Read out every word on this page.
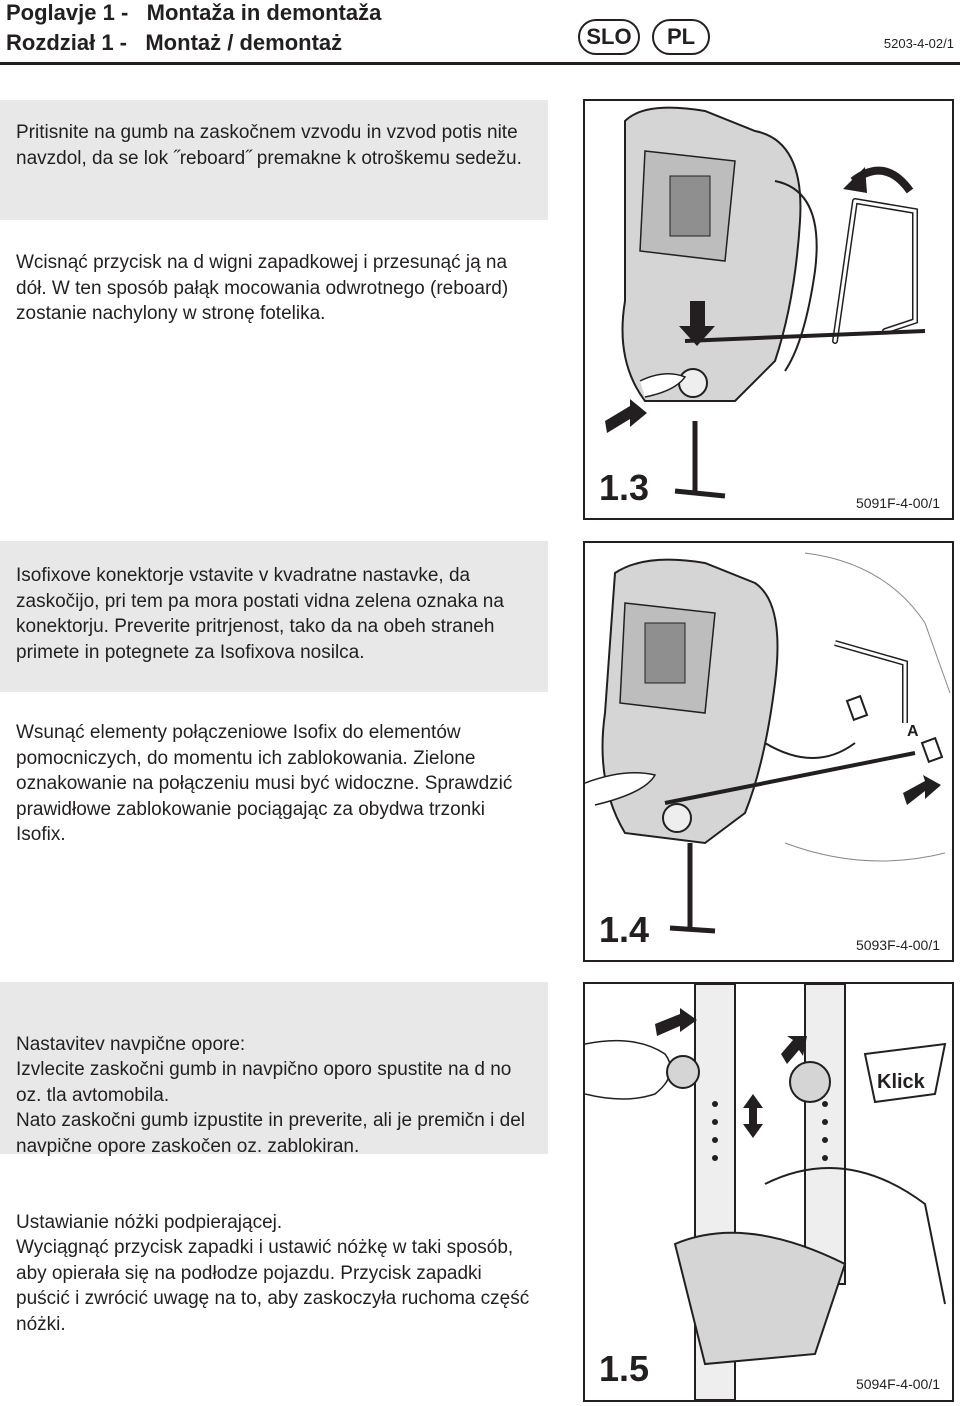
Poglavje 1 - Montaža in demontaža
Rozdział 1 - Montaż / demontaż	SLO	PL	5203-4-02/1

Pritisnite na gumb na zaskočnem vzvodu in vzvod potis nite navzdol, da se lok ˝reboard˝ premakne k otroškemu sedežu.

Wcisnąć przycisk na d wigni zapadkowej i przesunąć ją na dół. W ten sposób pałąk mocowania odwrotnego (reboard) zostanie nachylony w stronę fotelika.

1.3	5091F-4-00/1

Isofixove konektorje vstavite v kvadratne nastavke, da zaskočijo, pri tem pa mora postati vidna zelena oznaka na konektorju. Preverite pritrjenost, tako da na obeh straneh primete in potegnete za Isofixova nosilca.

Wsunąć elementy połączeniowe Isofix do elementów pomocniczych, do momentu ich zablokowania. Zielone oznakowanie na połączeniu musi być widoczne. Sprawdzić prawidłowe zablokowanie pociągając za obydwa trzonki Isofix.

A
1.4	5093F-4-00/1

Nastavitev navpične opore:
Izvlecite zaskočni gumb in navpično oporo spustite na d no oz. tla avtomobila.
Nato zaskočni gumb izpustite in preverite, ali je premičn i del navpične opore zaskočen oz. zablokiran.

Ustawianie nóżki podpierającej.
Wyciągnąć przycisk zapadki i ustawić nóżkę w taki sposób, aby opierała się na podłodze pojazdu. Przycisk zapadki puścić i zwrócić uwagę na to, aby zaskoczyła ruchoma część nóżki.

Klick
1.5	5094F-4-00/1
